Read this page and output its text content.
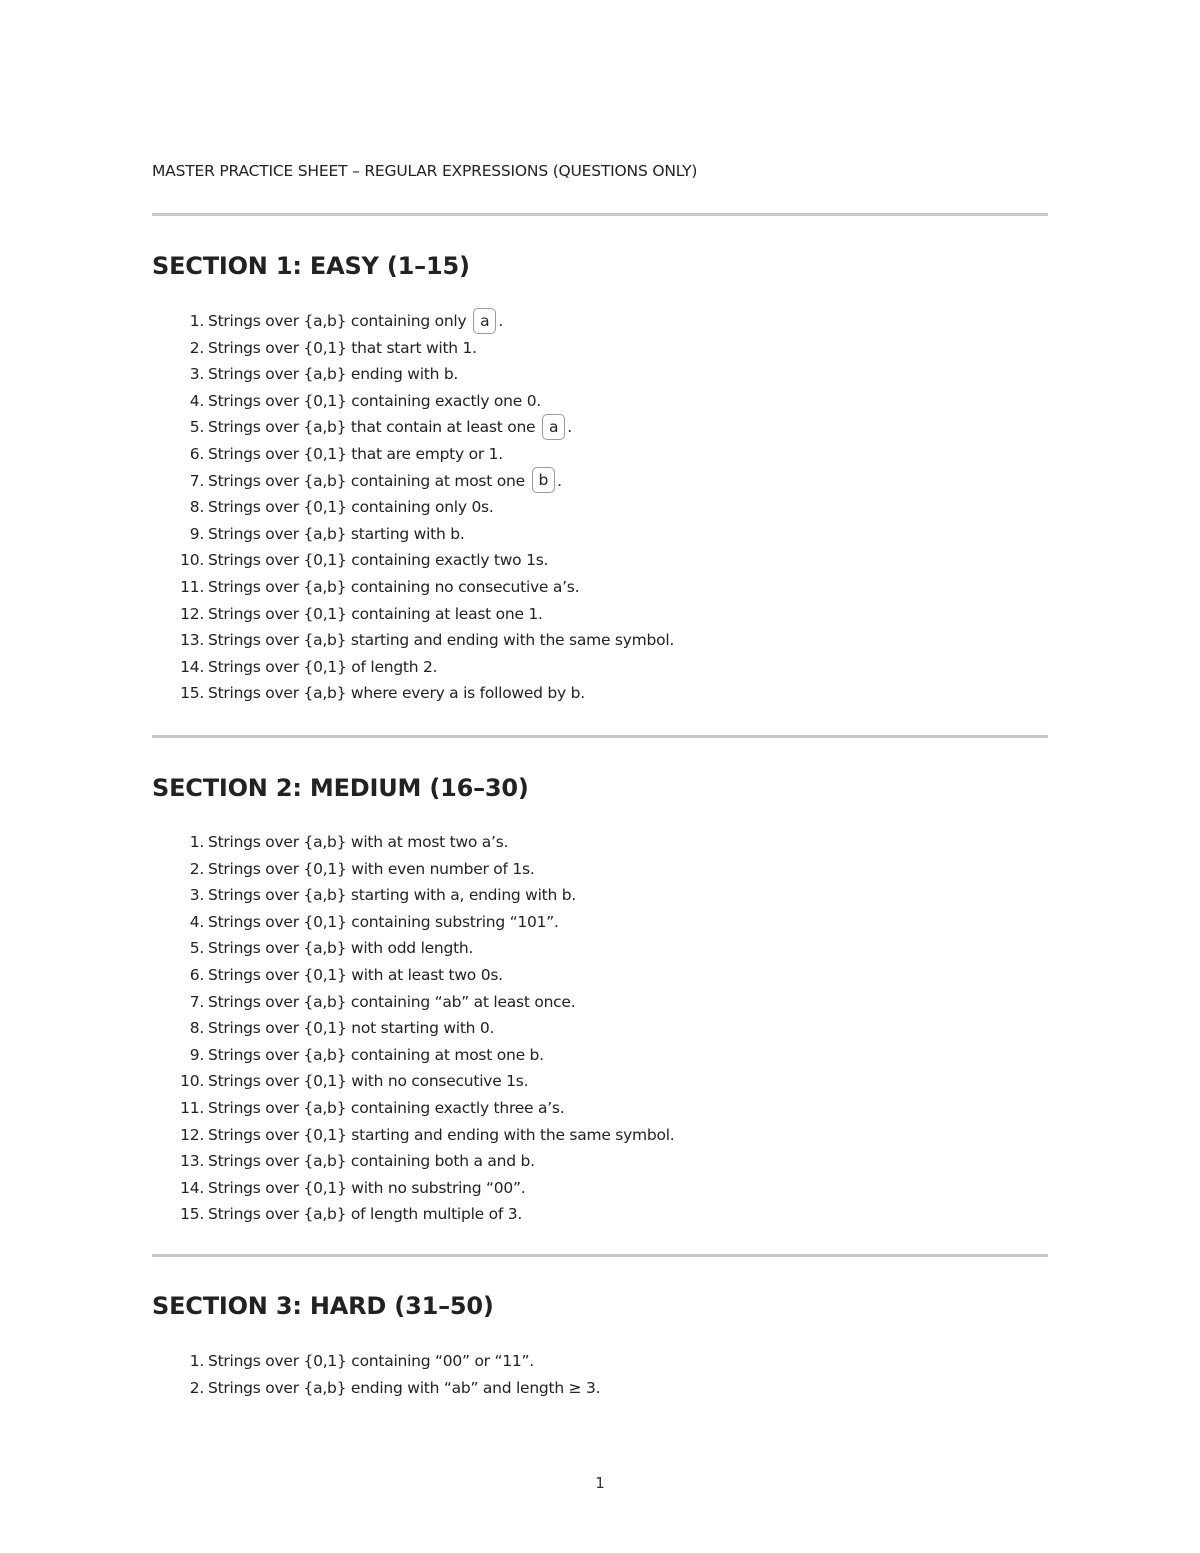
MASTER PRACTICE SHEET – REGULAR EXPRESSIONS (QUESTIONS ONLY)
SECTION 1: EASY (1–15)
1. Strings over {a,b} containing only a .
2. Strings over {0,1} that start with 1.
3. Strings over {a,b} ending with b.
4. Strings over {0,1} containing exactly one 0.
5. Strings over {a,b} that contain at least one a .
6. Strings over {0,1} that are empty or 1.
7. Strings over {a,b} containing at most one b .
8. Strings over {0,1} containing only 0s.
9. Strings over {a,b} starting with b.
10. Strings over {0,1} containing exactly two 1s.
11. Strings over {a,b} containing no consecutive a’s.
12. Strings over {0,1} containing at least one 1.
13. Strings over {a,b} starting and ending with the same symbol.
14. Strings over {0,1} of length 2.
15. Strings over {a,b} where every a is followed by b.
SECTION 2: MEDIUM (16–30)
1. Strings over {a,b} with at most two a’s.
2. Strings over {0,1} with even number of 1s.
3. Strings over {a,b} starting with a, ending with b.
4. Strings over {0,1} containing substring “101”.
5. Strings over {a,b} with odd length.
6. Strings over {0,1} with at least two 0s.
7. Strings over {a,b} containing “ab” at least once.
8. Strings over {0,1} not starting with 0.
9. Strings over {a,b} containing at most one b.
10. Strings over {0,1} with no consecutive 1s.
11. Strings over {a,b} containing exactly three a’s.
12. Strings over {0,1} starting and ending with the same symbol.
13. Strings over {a,b} containing both a and b.
14. Strings over {0,1} with no substring “00”.
15. Strings over {a,b} of length multiple of 3.
SECTION 3: HARD (31–50)
1. Strings over {0,1} containing “00” or “11”.
2. Strings over {a,b} ending with “ab” and length ≥ 3.
1
